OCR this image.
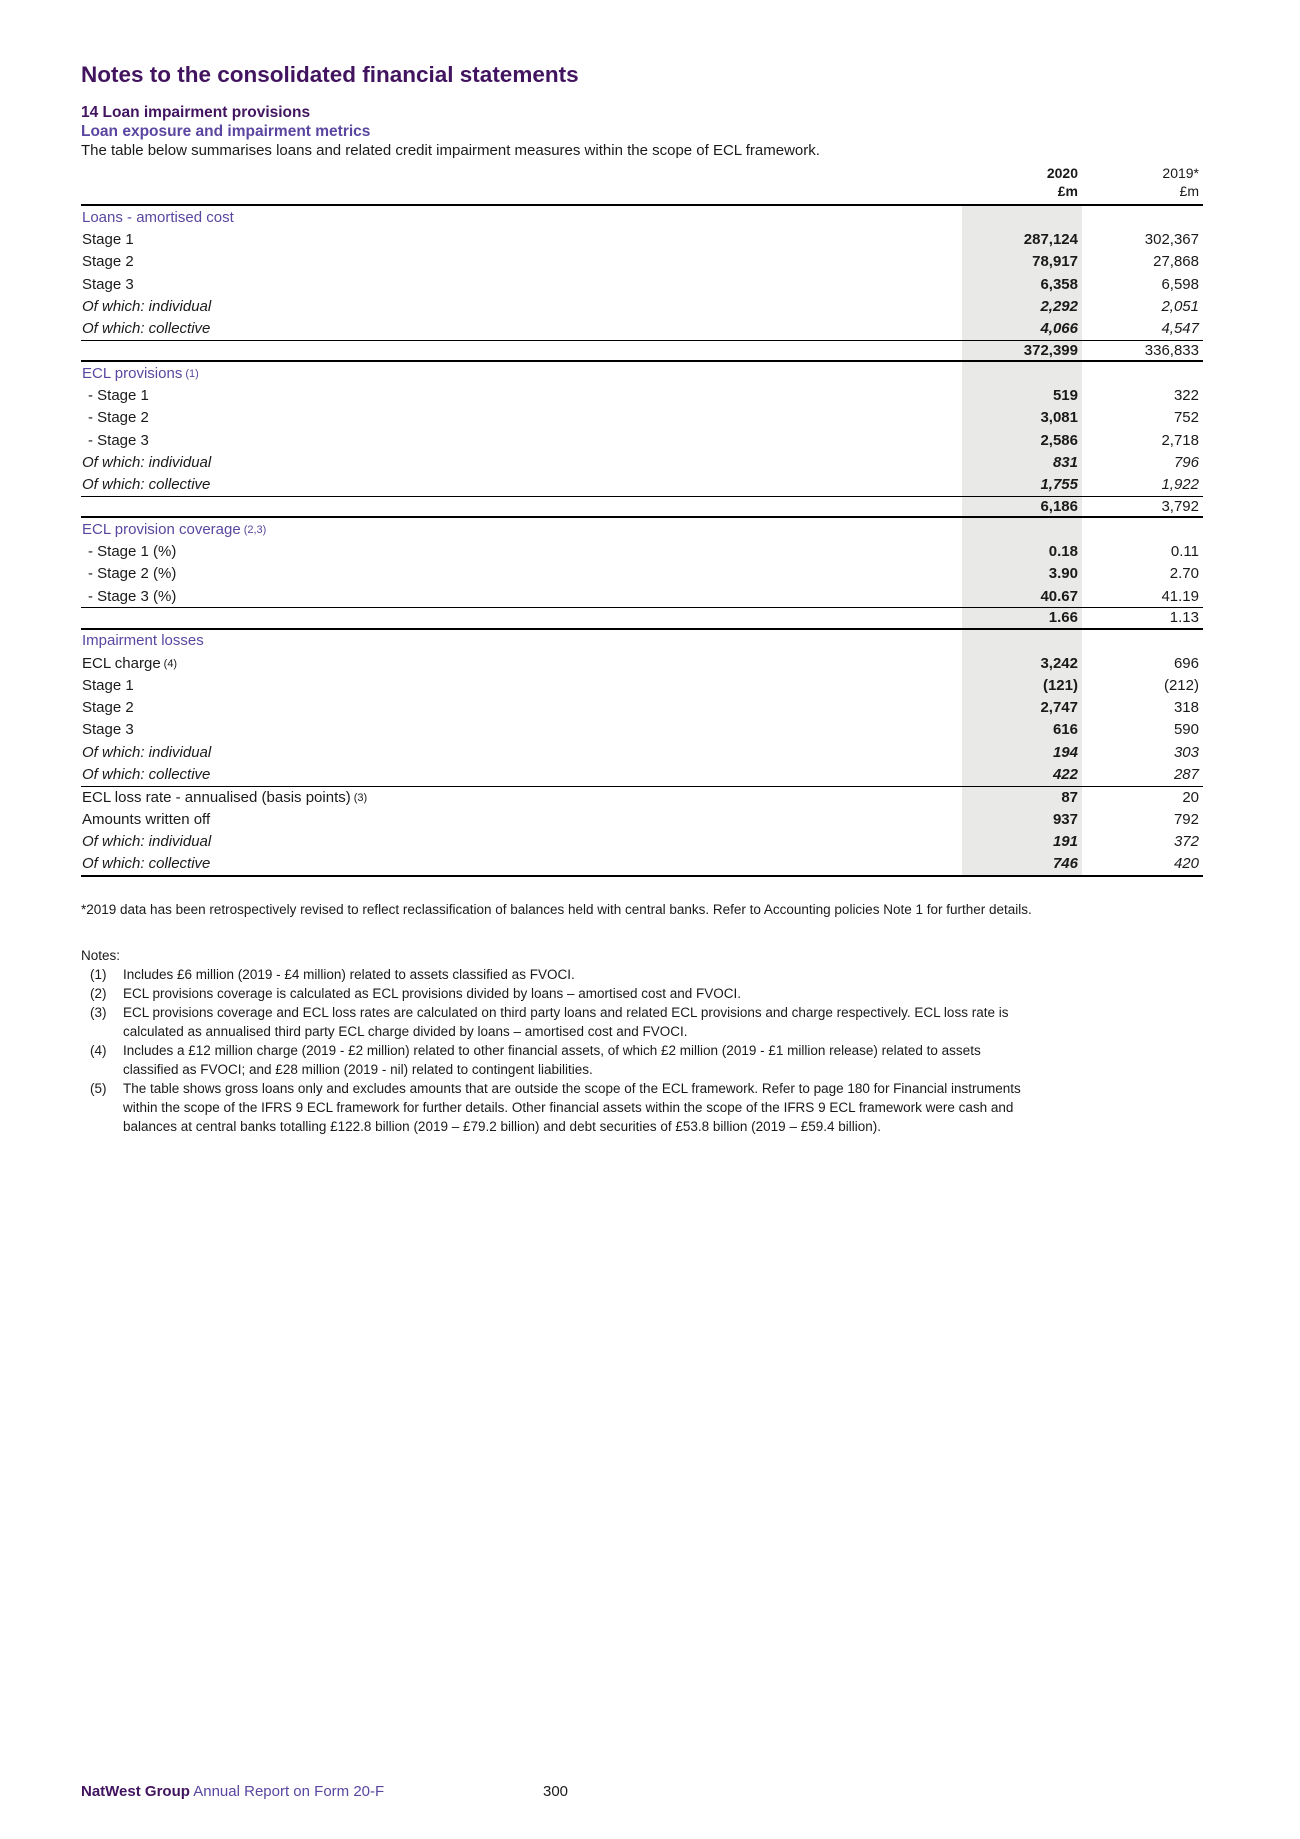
Notes to the consolidated financial statements
14 Loan impairment provisions
Loan exposure and impairment metrics

The table below summarises loans and related credit impairment measures within the scope of ECL framework.

2020
£m
2019*
£m
Loans - amortised cost
Stage 1	287,124	302,367
Stage 2	78,917	27,868
Stage 3	6,358	6,598
Of which: individual	2,292	2,051
Of which: collective	4,066	4,547
372,399	336,833
ECL provisions (1)
- Stage 1	519	322
- Stage 2	3,081	752
- Stage 3	2,586	2,718
Of which: individual	831	796
Of which: collective	1,755	1,922
6,186	3,792
ECL provision coverage (2,3)
- Stage 1 (%)	0.18	0.11
- Stage 2 (%)	3.90	2.70
- Stage 3 (%)	40.67	41.19
1.66	1.13
Impairment losses
ECL charge (4)	3,242	696
Stage 1	(121)	(212)
Stage 2	2,747	318
Stage 3	616	590
Of which: individual	194	303
Of which: collective	422	287
ECL loss rate - annualised (basis points) (3)	87	20
Amounts written off	937	792
Of which: individual	191	372
Of which: collective	746	420

*2019 data has been retrospectively revised to reflect reclassification of balances held with central banks. Refer to Accounting policies Note 1 for further details.

Notes:
(1)	Includes £6 million (2019 - £4 million) related to assets classified as FVOCI.
(2)	ECL provisions coverage is calculated as ECL provisions divided by loans – amortised cost and FVOCI.
(3)	ECL provisions coverage and ECL loss rates are calculated on third party loans and related ECL provisions and charge respectively. ECL loss rate is calculated as annualised third party ECL charge divided by loans – amortised cost and FVOCI.
(4)	Includes a £12 million charge (2019 - £2 million) related to other financial assets, of which £2 million (2019 - £1 million release) related to assets classified as FVOCI; and £28 million (2019 - nil) related to contingent liabilities.
(5)	The table shows gross loans only and excludes amounts that are outside the scope of the ECL framework. Refer to page 180 for Financial instruments within the scope of the IFRS 9 ECL framework for further details. Other financial assets within the scope of the IFRS 9 ECL framework were cash and balances at central banks totalling £122.8 billion (2019 – £79.2 billion) and debt securities of £53.8 billion (2019 – £59.4 billion).
NatWest Group Annual Report on Form 20-F	300
